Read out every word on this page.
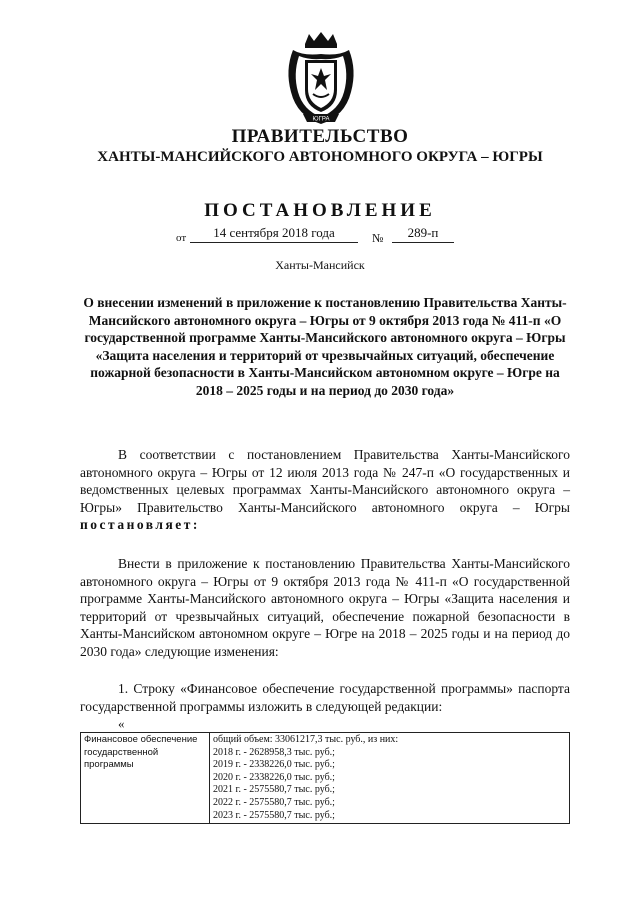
ЮГРА
ПРАВИТЕЛЬСТВО
ХАНТЫ-МАНСИЙСКОГО АВТОНОМНОГО ОКРУГА – ЮГРЫ
ПОСТАНОВЛЕНИЕ
от	14 сентября 2018 года	№	289-п
Ханты-Мансийск
О внесении изменений в приложение к постановлению Правительства Ханты-Мансийского автономного округа – Югры от 9 октября 2013 года № 411-п «О государственной программе Ханты-Мансийского автономного округа – Югры «Защита населения и территорий от чрезвычайных ситуаций, обеспечение пожарной безопасности в Ханты-Мансийском автономном округе – Югре на 2018 – 2025 годы и на период до 2030 года»
В соответствии с постановлением Правительства Ханты-Мансийского автономного округа – Югры от 12 июля 2013 года № 247-п «О государственных и ведомственных целевых программах Ханты-Мансийского автономного округа – Югры» Правительство Ханты-Мансийского автономного округа – Югры постановляет:
Внести в приложение к постановлению Правительства Ханты-Мансийского автономного округа – Югры от 9 октября 2013 года № 411-п «О государственной программе Ханты-Мансийского автономного округа – Югры «Защита населения и территорий от чрезвычайных ситуаций, обеспечение пожарной безопасности в Ханты-Мансийском автономном округе – Югре на 2018 – 2025 годы и на период до 2030 года» следующие изменения:
1. Строку «Финансовое обеспечение государственной программы» паспорта государственной программы изложить в следующей редакции:
«
Финансовое обеспечение государственной программы	
общий объем: 33061217,3 тыс. руб., из них:
2018 г. - 2628958,3 тыс. руб.;
2019 г. - 2338226,0 тыс. руб.;
2020 г. - 2338226,0 тыс. руб.;
2021 г. - 2575580,7 тыс. руб.;
2022 г. - 2575580,7 тыс. руб.;
2023 г. - 2575580,7 тыс. руб.;
